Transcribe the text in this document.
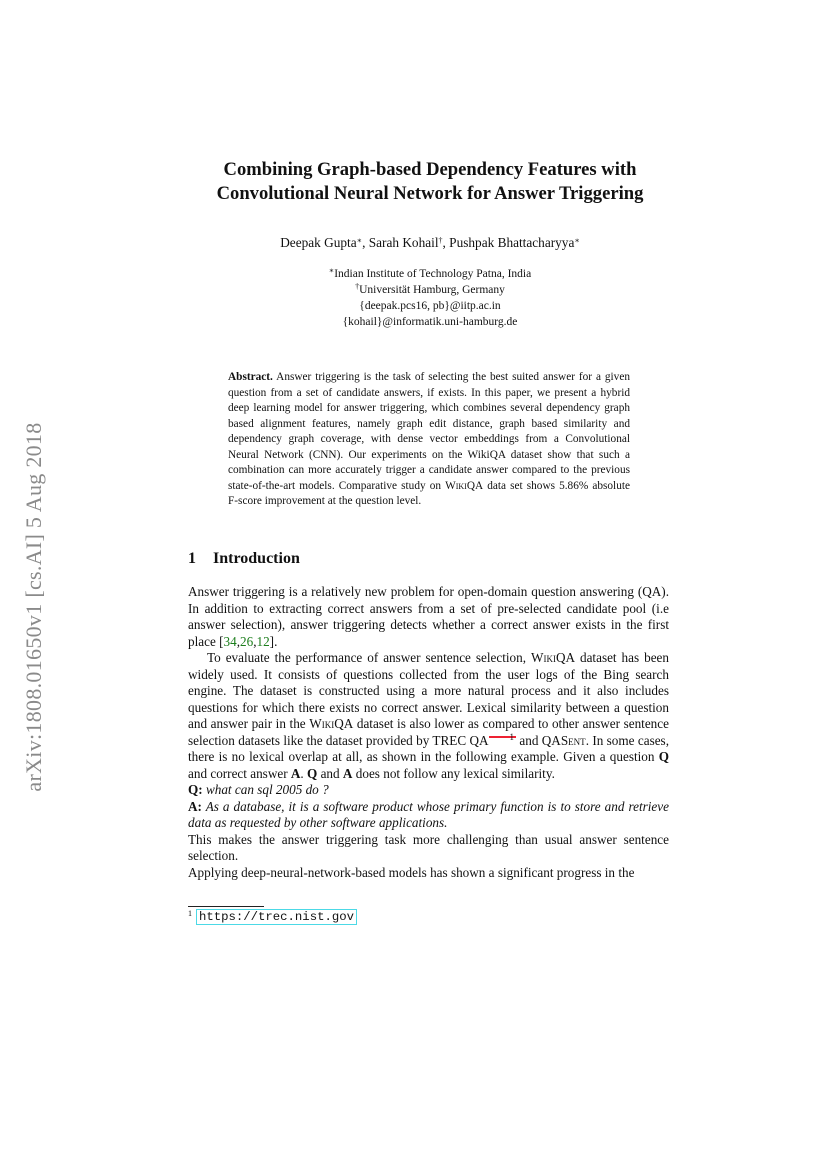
arXiv:1808.01650v1 [cs.AI] 5 Aug 2018
Combining Graph-based Dependency Features with
Convolutional Neural Network for Answer Triggering
Deepak Gupta∗, Sarah Kohail†, Pushpak Bhattacharyya∗
∗Indian Institute of Technology Patna, India
†Universität Hamburg, Germany
{deepak.pcs16, pb}@iitp.ac.in
{kohail}@informatik.uni-hamburg.de
Abstract. Answer triggering is the task of selecting the best suited answer for a given question from a set of candidate answers, if exists. In this paper, we present a hybrid deep learning model for answer triggering, which combines several dependency graph based alignment features, namely graph edit distance, graph based similarity and dependency graph coverage, with dense vector embeddings from a Convolutional Neural Network (CNN). Our experiments on the WikiQA dataset show that such a combination can more accurately trigger a candidate answer compared to the previous state-of-the-art models. Comparative study on WikiQA data set shows 5.86% absolute F-score improvement at the question level.
1 Introduction

Answer triggering is a relatively new problem for open-domain question answering (QA). In addition to extracting correct answers from a set of pre-selected candidate pool (i.e answer selection), answer triggering detects whether a correct answer exists in the first place [34,26,12].

To evaluate the performance of answer sentence selection, WikiQA dataset has been widely used. It consists of questions collected from the user logs of the Bing search engine. The dataset is constructed using a more natural process and it also includes questions for which there exists no correct answer. Lexical similarity between a question and answer pair in the WikiQA dataset is also lower as compared to other answer sentence selection datasets like the dataset provided by TREC QA 1 and QASent. In some cases, there is no lexical overlap at all, as shown in the following example. Given a question Q and correct answer A. Q and A does not follow any lexical similarity.

Q: what can sql 2005 do ?

A: As a database, it is a software product whose primary function is to store and retrieve data as requested by other software applications.

This makes the answer triggering task more challenging than usual answer sentence selection.

Applying deep-neural-network-based models has shown a significant progress in the

$^1$ https://trec.nist.gov
